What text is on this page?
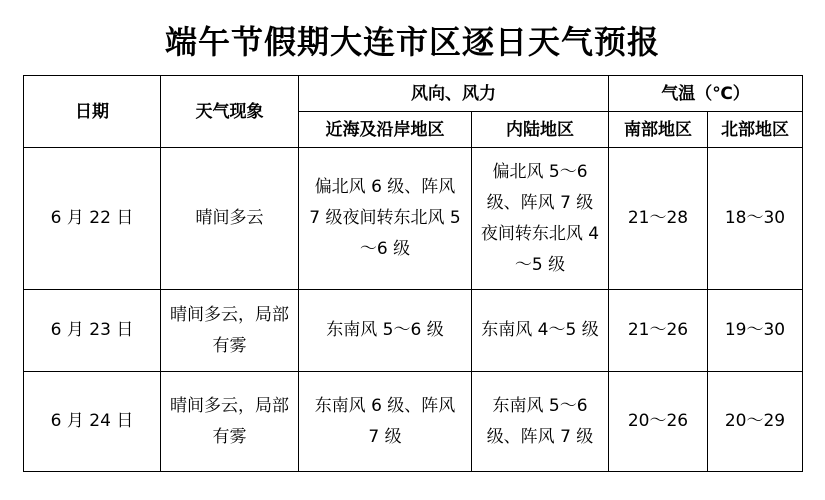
端午节假期大连市区逐日天气预报
日期	天气现象	风向、风力		气温（℃）	
		近海及沿岸地区	内陆地区	南部地区	北部地区
6 月 22 日	晴间多云	偏北风 6 级、阵风 7 级夜间转东北风 5～6 级	偏北风 5～6 级、阵风 7 级夜间转东北风 4～5 级	21～28	18～30
6 月 23 日	晴间多云，局部有雾	东南风 5～6 级	东南风 4～5 级	21～26	19～30
6 月 24 日	晴间多云，局部有雾	东南风 6 级、阵风 7 级	东南风 5～6 级、阵风 7 级	20～26	20～29
